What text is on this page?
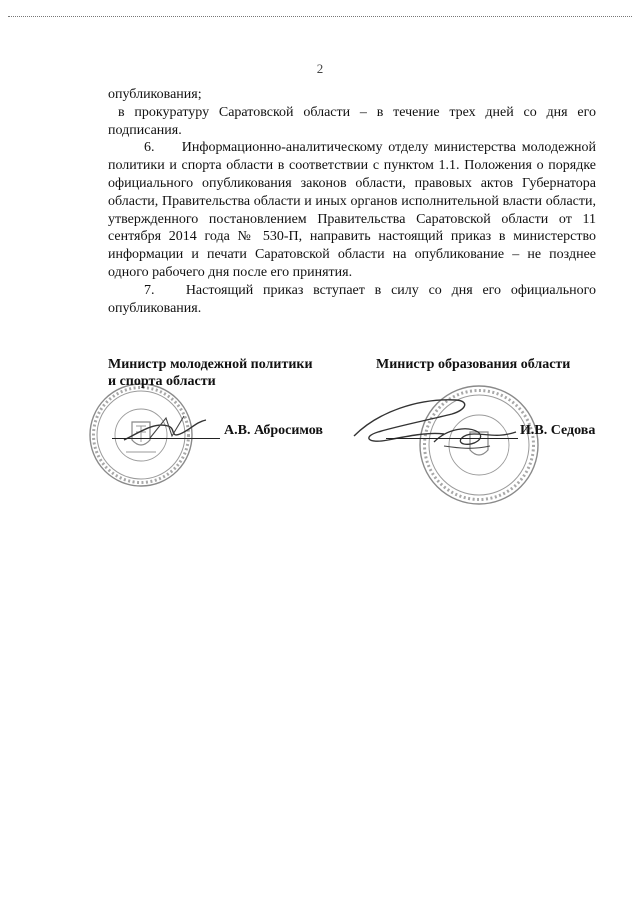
2

опубликования;

в прокуратуру Саратовской области – в течение трех дней со дня его подписания.

6. Информационно-аналитическому отделу министерства молодежной политики и спорта области в соответствии с пунктом 1.1. Положения о порядке официального опубликования законов области, правовых актов Губернатора области, Правительства области и иных органов исполнительной власти области, утвержденного постановлением Правительства Саратовской области от 11 сентября 2014 года № 530-П, направить настоящий приказ в министерство информации и печати Саратовской области на опубликование – не позднее одного рабочего дня после его принятия.

7. Настоящий приказ вступает в силу со дня его официального опубликования.

Министр молодежной политики
и спорта области
А.В. Абросимов
Министр образования области
И.В. Седова
